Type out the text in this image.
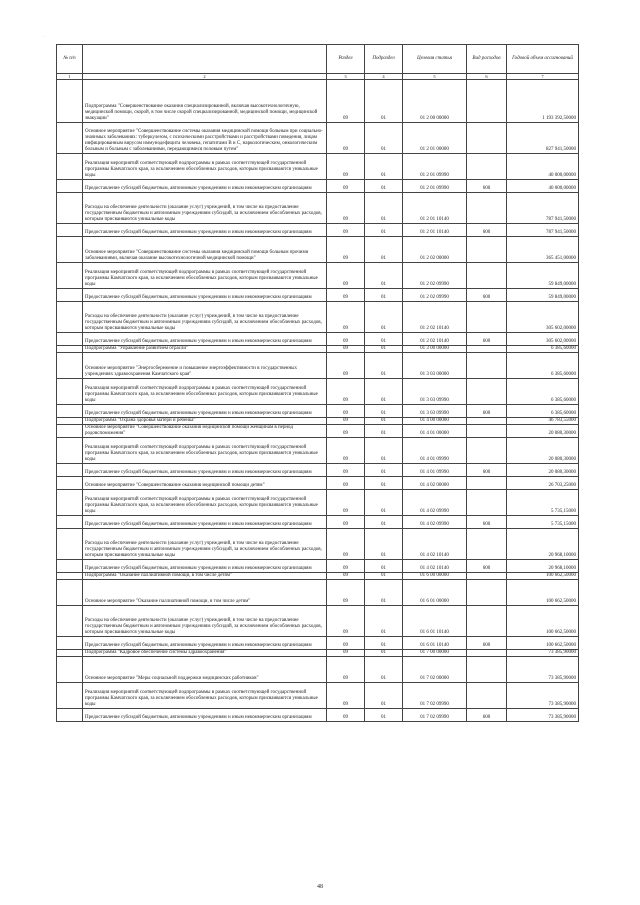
.
№ п/п		Раздел	Подраздел	Целевая статья	Вид расходов	Годовой объем ассигнований
1	2	3	4	5	6	7
	Подпрограмма "Совершенствование оказания специализированной, включая высокотехнологичную, медицинской помощи, скорой, в том числе скорой специализированной, медицинской помощи, медицинской эвакуации"	09	01	01 2 00 00000		1 193 392,50000
	Основное мероприятие "Совершенствование системы оказания медицинской помощи больным при социально-значимых заболеваниях: туберкулезом, с психическими расстройствами и расстройствами поведения, лицам инфицированным вирусом иммунодефицита человека, гепатитами В и С, наркологическим, онкологическим больным и больным с заболеваниями, передающимися половым путем"	09	01	01 2 01 00000		827 941,50000
	Реализация мероприятий соответствующей подпрограммы в рамках соответствующей государственной программы Камчатского края, за исключением обособленных расходов, которым присваиваются уникальные коды	09	01	01 2 01 09990		40 000,00000
	Предоставление субсидий бюджетным, автономным учреждениям и иным некоммерческим организациям	09	01	01 2 01 09990	600	40 000,00000
	Расходы на обеспечение деятельности (оказание услуг) учреждений, в том числе на предоставление государственным бюджетным и автономным учреждениям субсидий, за исключением обособленных расходов, которым присваиваются уникальные коды	09	01	01 2 01 10140		787 941,50000
	Предоставление субсидий бюджетным, автономным учреждениям и иным некоммерческим организациям	09	01	01 2 01 10140	600	787 941,50000
	Основное мероприятие "Совершенствование системы оказания медицинской помощи больным прочими заболеваниями, включая оказание высокотехнологичной медицинской помощи"	09	01	01 2 02 00000		365 451,00000
	Реализация мероприятий соответствующей подпрограммы в рамках соответствующей государственной программы Камчатского края, за исключением обособленных расходов, которым присваиваются уникальные коды	09	01	01 2 02 09990		59 849,00000
	Предоставление субсидий бюджетным, автономным учреждениям и иным некоммерческим организациям	09	01	01 2 02 09990	600	59 849,00000
	Расходы на обеспечение деятельности (оказание услуг) учреждений, в том числе на предоставление государственным бюджетным и автономным учреждениям субсидий, за исключением обособленных расходов, которым присваиваются уникальные коды	09	01	01 2 02 10140		305 602,00000
	Предоставление субсидий бюджетным, автономным учреждениям и иным некоммерческим организациям	09	01	01 2 02 10140	600	305 602,00000
	Подпрограмма "Управление развитием отрасли"	09	01	01 3 00 00000		6 385,60000
	Основное мероприятие "Энергосбережение и повышение энергоэффективности в государственных учреждениях здравоохранения Камчатского края"	09	01	01 3 03 00000		6 385,60000
	Реализация мероприятий соответствующей подпрограммы в рамках соответствующей государственной программы Камчатского края, за исключением обособленных расходов, которым присваиваются уникальные коды	09	01	01 3 03 09990		6 385,60000
	Предоставление субсидий бюджетным, автономным учреждениям и иным некоммерческим организациям	09	01	01 3 03 09990	600	6 385,60000
	Подпрограмма "Охрана здоровья матери и ребенка"	09	01	01 4 00 00000		46 783,55000
	Основное мероприятие "Совершенствование оказания медицинской помощи женщинам в период родовспоможения"	09	01	01 4 01 00000		20 080,30000
	Реализация мероприятий соответствующей подпрограммы в рамках соответствующей государственной программы Камчатского края, за исключением обособленных расходов, которым присваиваются уникальные коды	09	01	01 4 01 09990		20 080,30000
	Предоставление субсидий бюджетным, автономным учреждениям и иным некоммерческим организациям	09	01	01 4 01 09990	600	20 080,30000
	Основное мероприятие "Совершенствование оказания медицинской помощи детям"	09	01	01 4 02 00000		26 703,25000
	Реализация мероприятий соответствующей подпрограммы в рамках соответствующей государственной программы Камчатского края, за исключением обособленных расходов, которым присваиваются уникальные коды	09	01	01 4 02 09990		5 735,15000
	Предоставление субсидий бюджетным, автономным учреждениям и иным некоммерческим организациям	09	01	01 4 02 09990	600	5 735,15000
	Расходы на обеспечение деятельности (оказание услуг) учреждений, в том числе на предоставление государственным бюджетным и автономным учреждениям субсидий, за исключением обособленных расходов, которым присваиваются уникальные коды	09	01	01 4 02 10140		20 968,10000
	Предоставление субсидий бюджетным, автономным учреждениям и иным некоммерческим организациям	09	01	01 4 02 10140	600	20 968,10000
	Подпрограмма "Оказание паллиативной помощи, в том числе детям"	09	01	01 6 00 00000		100 662,50000
	Основное мероприятие "Оказание паллиативной помощи, в том числе детям"	09	01	01 6 01 00000		100 662,50000
	Расходы на обеспечение деятельности (оказание услуг) учреждений, в том числе на предоставление государственным бюджетным и автономным учреждениям субсидий, за исключением обособленных расходов, которым присваиваются уникальные коды	09	01	01 6 01 10140		100 662,50000
	Предоставление субсидий бюджетным, автономным учреждениям и иным некоммерческим организациям	09	01	01 6 01 10140	600	100 662,50000
	Подпрограмма "Кадровое обеспечение системы здравоохранения"	09	01	01 7 00 00000		73 385,90000
	Основное мероприятие "Меры социальной поддержки медицинских работников"	09	01	01 7 02 00000		73 385,90000
	Реализация мероприятий соответствующей подпрограммы в рамках соответствующей государственной программы Камчатского края, за исключением обособленных расходов, которым присваиваются уникальные коды	09	01	01 7 02 09990		73 385,90000
	Предоставление субсидий бюджетным, автономным учреждениям и иным некоммерческим организациям	09	01	01 7 02 09990	600	73 385,90000
48
